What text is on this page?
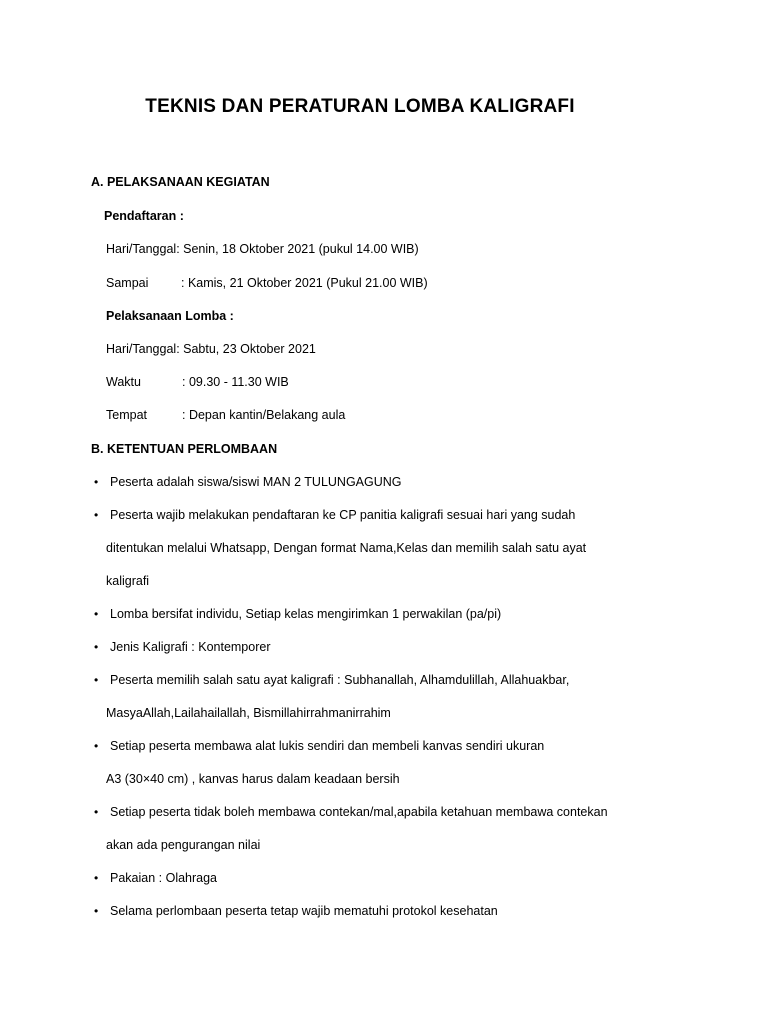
TEKNIS DAN PERATURAN LOMBA KALIGRAFI
A. PELAKSANAAN KEGIATAN
Pendaftaran :
Hari/Tanggal: Senin, 18 Oktober 2021 (pukul 14.00 WIB)
Sampai	: Kamis, 21 Oktober 2021 (Pukul 21.00 WIB)
Pelaksanaan Lomba :
Hari/Tanggal: Sabtu, 23 Oktober 2021
Waktu	: 09.30 - 11.30 WIB
Tempat	: Depan kantin/Belakang aula
B. KETENTUAN PERLOMBAAN
• Peserta adalah siswa/siswi MAN 2 TULUNGAGUNG
• Peserta wajib melakukan pendaftaran ke CP panitia kaligrafi sesuai hari yang sudah
ditentukan melalui Whatsapp, Dengan format Nama,Kelas dan memilih salah satu ayat
kaligrafi
• Lomba bersifat individu, Setiap kelas mengirimkan 1 perwakilan (pa/pi)
• Jenis Kaligrafi : Kontemporer
• Peserta memilih salah satu ayat kaligrafi : Subhanallah, Alhamdulillah, Allahuakbar,
MasyaAllah,Lailahailallah, Bismillahirrahmanirrahim
• Setiap peserta membawa alat lukis sendiri dan membeli kanvas sendiri ukuran
A3 (30×40 cm) , kanvas harus dalam keadaan bersih
• Setiap peserta tidak boleh membawa contekan/mal,apabila ketahuan membawa contekan
akan ada pengurangan nilai
• Pakaian : Olahraga
• Selama perlombaan peserta tetap wajib mematuhi protokol kesehatan
